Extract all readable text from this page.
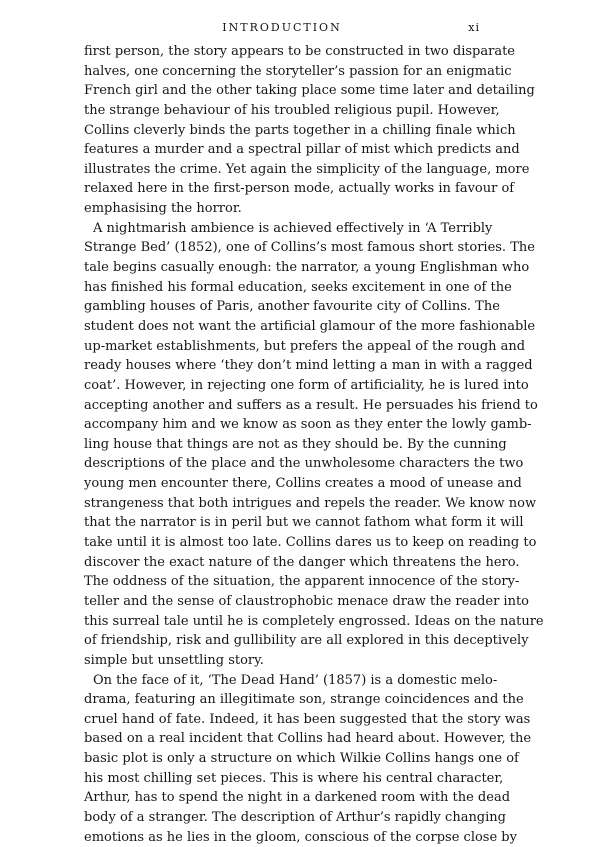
INTRODUCTION	xi
first person, the story appears to be constructed in two disparate
halves, one concerning the storyteller’s passion for an enigmatic
French girl and the other taking place some time later and detailing
the strange behaviour of his troubled religious pupil. However,
Collins cleverly binds the parts together in a chilling finale which
features a murder and a spectral pillar of mist which predicts and
illustrates the crime. Yet again the simplicity of the language, more
relaxed here in the first-person mode, actually works in favour of
emphasising the horror.
A nightmarish ambience is achieved effectively in ‘A Terribly
Strange Bed’ (1852), one of Collins’s most famous short stories. The
tale begins casually enough: the narrator, a young Englishman who
has finished his formal education, seeks excitement in one of the
gambling houses of Paris, another favourite city of Collins. The
student does not want the artificial glamour of the more fashionable
up-market establishments, but prefers the appeal of the rough and
ready houses where ‘they don’t mind letting a man in with a ragged
coat’. However, in rejecting one form of artificiality, he is lured into
accepting another and suffers as a result. He persuades his friend to
accompany him and we know as soon as they enter the lowly gamb-
ling house that things are not as they should be. By the cunning
descriptions of the place and the unwholesome characters the two
young men encounter there, Collins creates a mood of unease and
strangeness that both intrigues and repels the reader. We know now
that the narrator is in peril but we cannot fathom what form it will
take until it is almost too late. Collins dares us to keep on reading to
discover the exact nature of the danger which threatens the hero.
The oddness of the situation, the apparent innocence of the story-
teller and the sense of claustrophobic menace draw the reader into
this surreal tale until he is completely engrossed. Ideas on the nature
of friendship, risk and gullibility are all explored in this deceptively
simple but unsettling story.
On the face of it, ‘The Dead Hand’ (1857) is a domestic melo-
drama, featuring an illegitimate son, strange coincidences and the
cruel hand of fate. Indeed, it has been suggested that the story was
based on a real incident that Collins had heard about. However, the
basic plot is only a structure on which Wilkie Collins hangs one of
his most chilling set pieces. This is where his central character,
Arthur, has to spend the night in a darkened room with the dead
body of a stranger. The description of Arthur’s rapidly changing
emotions as he lies in the gloom, conscious of the corpse close by
